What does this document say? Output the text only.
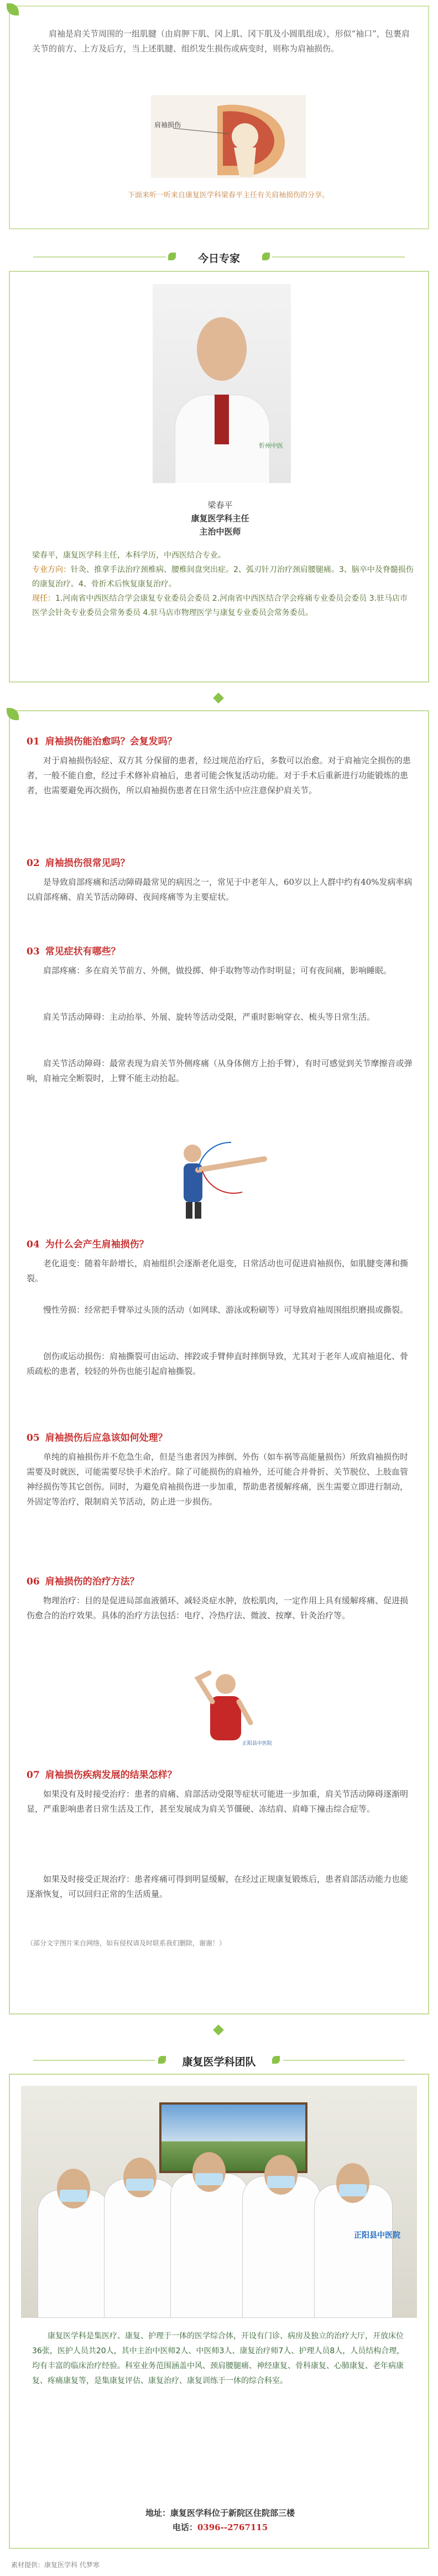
肩袖是肩关节周围的一组肌腱（由肩胛下肌、冈上肌、冈下肌及小圆肌组成），形似“袖口”，包裹肩关节的前方、上方及后方，当上述肌腱、组织发生损伤或病变时，则称为肩袖损伤。
肩袖损伤
下面来听一听来自康复医学科梁春平主任有关肩袖损伤的分享。
今日专家
忻州中医
梁春平
康复医学科主任
主治中医师
梁春平，康复医学科主任，本科学历，中西医结合专业。
专业方向：针灸、推拿手法治疗颈椎病、腰椎间盘突出症。2、弧刃针刀治疗颈肩腰腿痛。3、脑卒中及脊髓损伤的康复治疗。4、骨折术后恢复康复治疗。
现任：1.河南省中西医结合学会康复专业委员会委员 2.河南省中西医结合学会疼痛专业委员会委员 3.驻马店市医学会针灸专业委员会常务委员 4.驻马店市物理医学与康复专业委员会常务委员。
01 肩袖损伤能治愈吗？会复发吗？
对于肩袖损伤轻症、双方其 分保留的患者，经过规范治疗后，多数可以治愈。对于肩袖完全损伤的患者，一般不能自愈，经过手术修补肩袖后，患者可能会恢复活动功能。对于手术后重新进行功能锻炼的患者，也需要避免再次损伤，所以肩袖损伤患者在日常生活中应注意保护肩关节。
02 肩袖损伤很常见吗？
是导致肩部疼痛和活动障碍最常见的病因之一，常见于中老年人，60岁以上人群中约有40%发病率病以肩部疼痛、肩关节活动障碍、夜间疼痛等为主要症状。
03 常见症状有哪些？
肩部疼痛：多在肩关节前方、外侧，做投掷、伸手取物等动作时明显；可有夜间痛，影响睡眠。
肩关节活动障碍：主动抬举、外展、旋转等活动受限，严重时影响穿衣、梳头等日常生活。
肩关节活动障碍：最常表现为肩关节外侧疼痛（从身体侧方上抬手臂），有时可感觉到关节摩擦音或弹响，肩袖完全断裂时，上臂不能主动抬起。
04 为什么会产生肩袖损伤？
老化退变：随着年龄增长，肩袖组织会逐渐老化退变，日常活动也可促进肩袖损伤，如肌腱变薄和撕裂。
慢性劳损：经常把手臂举过头顶的活动（如网球、游泳或粉刷等）可导致肩袖周围组织磨损或撕裂。
创伤或运动损伤：肩袖撕裂可由运动、摔跤或手臂伸直时摔倒导致，尤其对于老年人或肩袖退化、骨质疏松的患者，较轻的外伤也能引起肩袖撕裂。
05 肩袖损伤后应急该如何处理？
单纯的肩袖损伤并不危急生命，但是当患者因为摔倒、外伤（如车祸等高能量损伤）所致肩袖损伤时需要及时就医，可能需要尽快手术治疗。除了可能损伤的肩袖外，还可能合并骨折、关节脱位、上肢血管神经损伤等其它创伤。同时，为避免肩袖损伤进一步加重，帮助患者缓解疼痛，医生需要立即进行制动，外固定等治疗，限制肩关节活动，防止进一步损伤。
06 肩袖损伤的治疗方法？
物理治疗：目的是促进局部血液循环、减轻炎症水肿，放松肌肉，一定作用上具有缓解疼痛、促进损伤愈合的治疗效果。具体的治疗方法包括：电疗、冷热疗法、微波、按摩、针灸治疗等。
正阳县中医院
07 肩袖损伤疾病发展的结果怎样？
如果没有及时接受治疗：患者的肩痛、肩部活动受限等症状可能进一步加重，肩关节活动障碍逐渐明显，严重影响患者日常生活及工作，甚至发展成为肩关节僵硬、冻结肩、肩峰下撞击综合症等。
如果及时接受正规治疗：患者疼痛可得到明显缓解，在经过正规康复锻炼后，患者肩部活动能力也能逐渐恢复，可以回归正常的生活质量。
（部分文字图片来自网络，如有侵权请及时联系我们删除，谢谢！）
康复医学科团队
正阳县中医院
康复医学科是集医疗、康复、护理于一体的医学综合体，开设有门诊、病房及独立的治疗大厅，开放床位36张，医护人员共20人，其中主治中医师2人、中医师3人、康复治疗师7人、护理人员8人，人员结构合理，均有丰富的临床治疗经验。科室业务范围涵盖中风、颈肩腰腿痛、神经康复、骨科康复、心肺康复、老年病康复、疼痛康复等，是集康复评估、康复治疗、康复训练于一体的综合科室。
地址：康复医学科位于新院区住院部三楼
电话：0396--2767115
素材提供：康复医学科 代梦寒
